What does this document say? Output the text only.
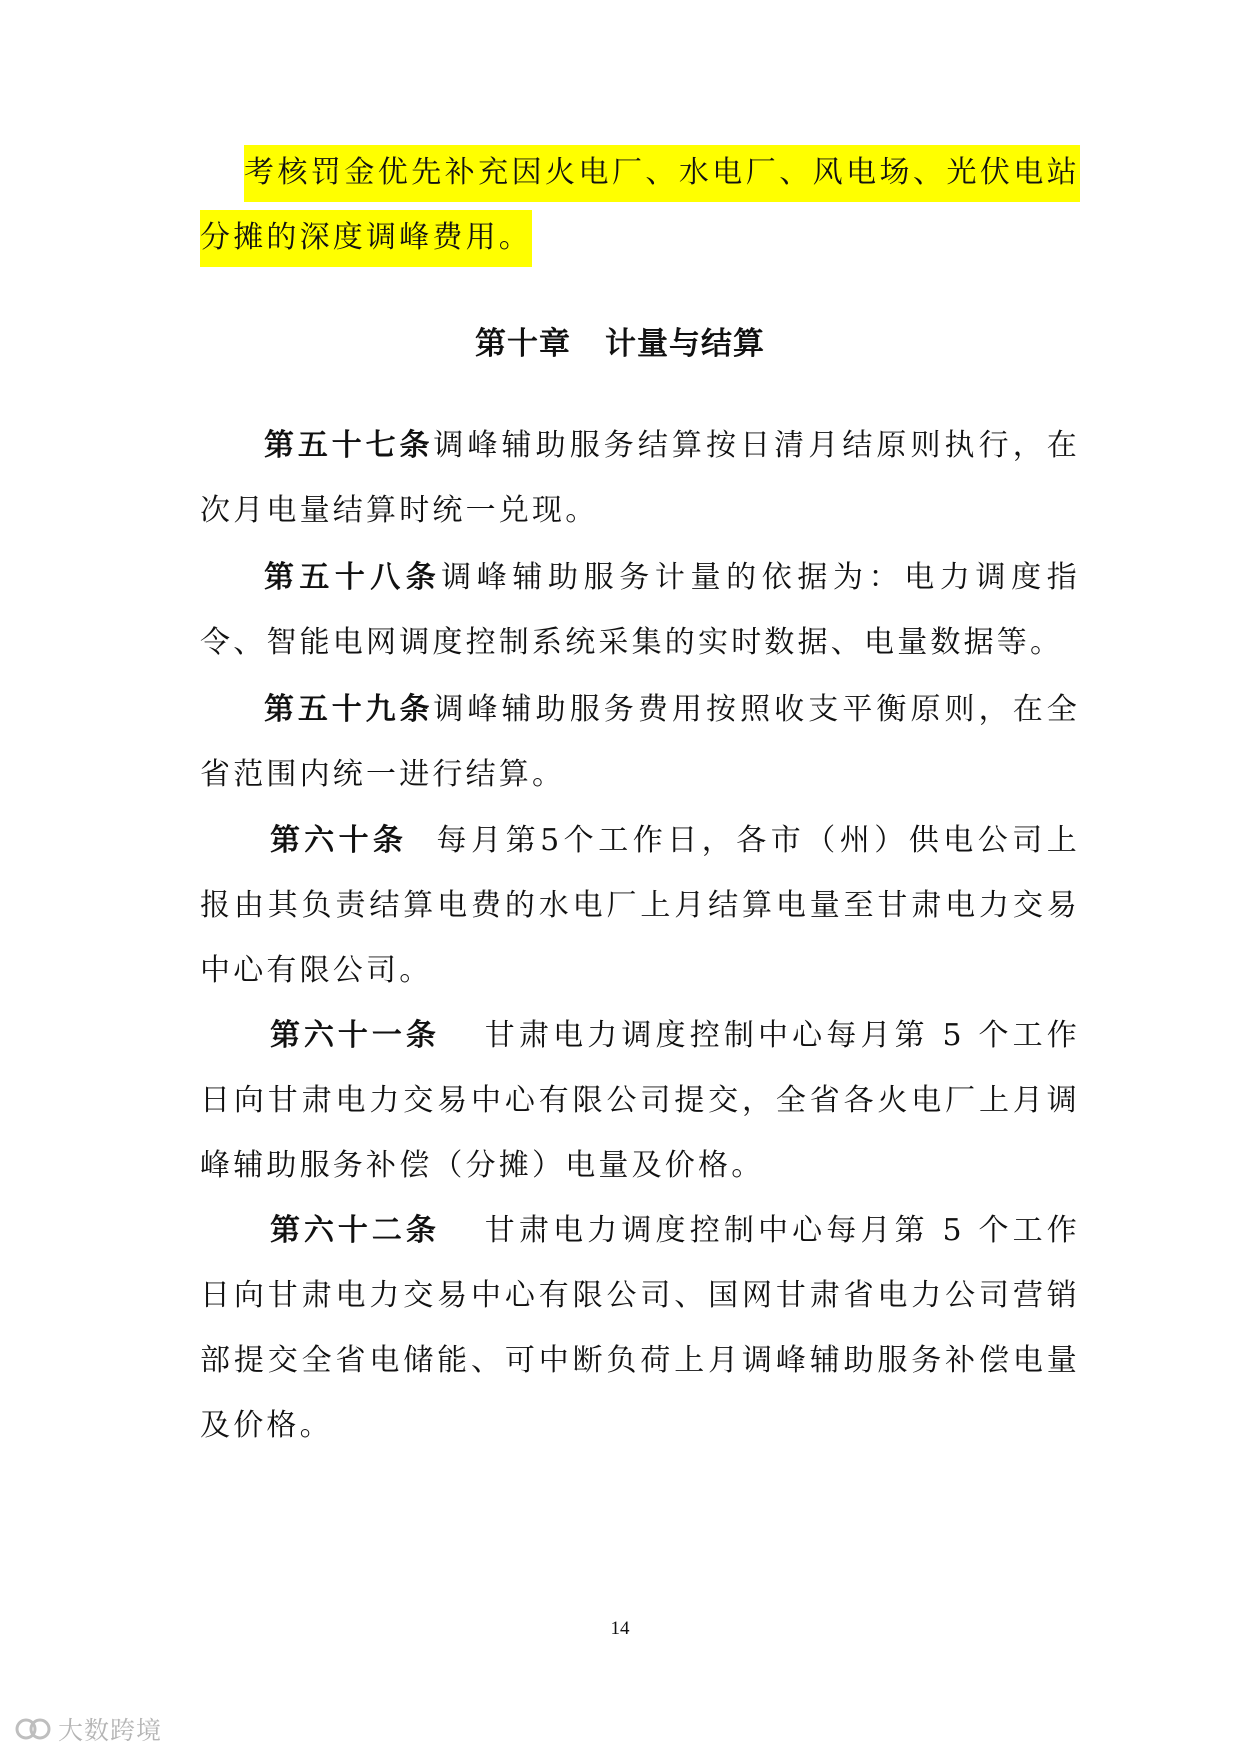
考核罚金优先补充因火电厂、水电厂、风电场、光伏电站分摊的深度调峰费用。

第十章 计量与结算

第五十七条调峰辅助服务结算按日清月结原则执行，在次月电量结算时统一兑现。

第五十八条调峰辅助服务计量的依据为：电力调度指令、智能电网调度控制系统采集的实时数据、电量数据等。

第五十九条调峰辅助服务费用按照收支平衡原则，在全省范围内统一进行结算。

第六十条 每月第5个工作日，各市（州）供电公司上报由其负责结算电费的水电厂上月结算电量至甘肃电力交易中心有限公司。

第六十一条 甘肃电力调度控制中心每月第 5 个工作日向甘肃电力交易中心有限公司提交，全省各火电厂上月调峰辅助服务补偿（分摊）电量及价格。

第六十二条 甘肃电力调度控制中心每月第 5 个工作日向甘肃电力交易中心有限公司、国网甘肃省电力公司营销部提交全省电储能、可中断负荷上月调峰辅助服务补偿电量及价格。

14
大数跨境
